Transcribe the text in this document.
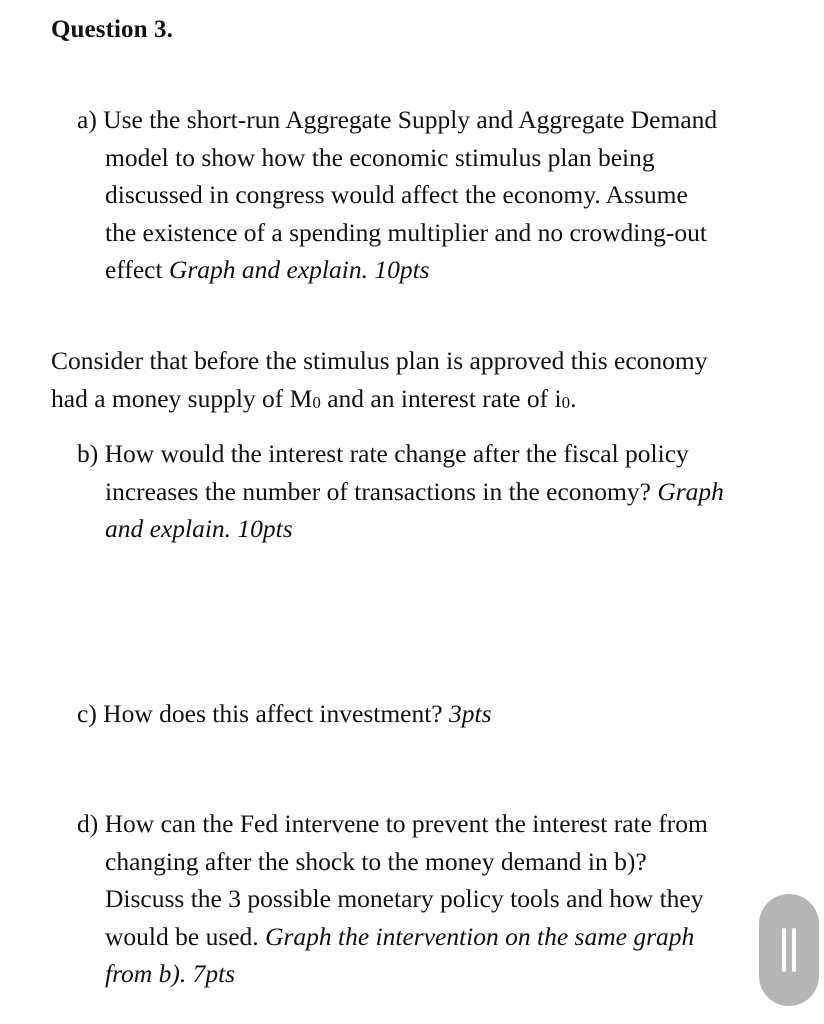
Question 3.
a) Use the short-run Aggregate Supply and Aggregate Demand
model to show how the economic stimulus plan being
discussed in congress would affect the economy. Assume
the existence of a spending multiplier and no crowding-out
effect Graph and explain. 10pts
Consider that before the stimulus plan is approved this economy
had a money supply of M0 and an interest rate of i0.
b) How would the interest rate change after the fiscal policy
increases the number of transactions in the economy? Graph
and explain. 10pts
c) How does this affect investment? 3pts
d) How can the Fed intervene to prevent the interest rate from
changing after the shock to the money demand in b)?
Discuss the 3 possible monetary policy tools and how they
would be used. Graph the intervention on the same graph
from b). 7pts
